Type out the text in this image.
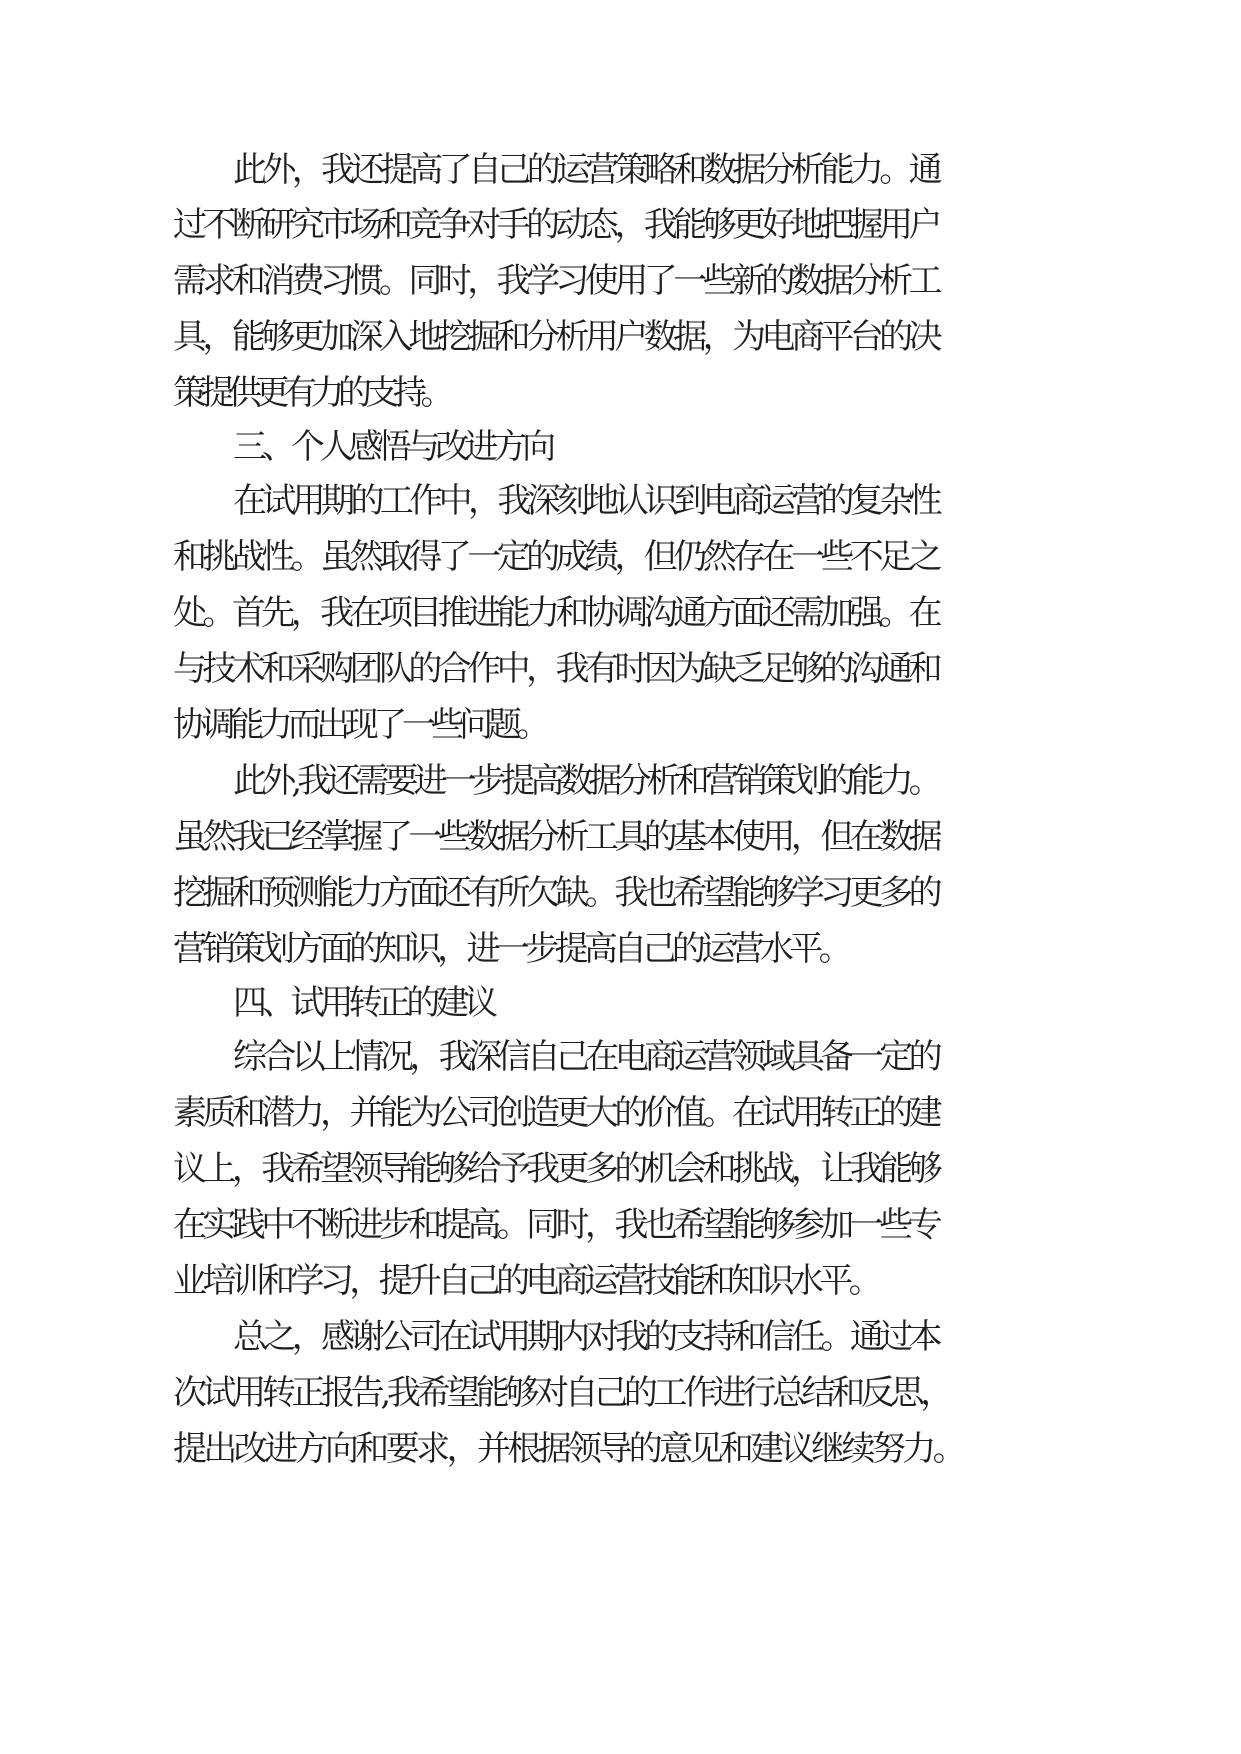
此外，我还提高了自己的运营策略和数据分析能力。通
过不断研究市场和竞争对手的动态，我能够更好地把握用户
需求和消费习惯。同时，我学习使用了一些新的数据分析工
具，能够更加深入地挖掘和分析用户数据，为电商平台的决
策提供更有力的支持。
三、个人感悟与改进方向
在试用期的工作中，我深刻地认识到电商运营的复杂性
和挑战性。虽然取得了一定的成绩，但仍然存在一些不足之
处。首先，我在项目推进能力和协调沟通方面还需加强。在
与技术和采购团队的合作中，我有时因为缺乏足够的沟通和
协调能力而出现了一些问题。
此外,我还需要进一步提高数据分析和营销策划的能力。
虽然我已经掌握了一些数据分析工具的基本使用，但在数据
挖掘和预测能力方面还有所欠缺。我也希望能够学习更多的
营销策划方面的知识，进一步提高自己的运营水平。
四、试用转正的建议
综合以上情况，我深信自己在电商运营领域具备一定的
素质和潜力，并能为公司创造更大的价值。在试用转正的建
议上，我希望领导能够给予我更多的机会和挑战，让我能够
在实践中不断进步和提高。同时，我也希望能够参加一些专
业培训和学习，提升自己的电商运营技能和知识水平。
总之，感谢公司在试用期内对我的支持和信任。通过本
次试用转正报告,我希望能够对自己的工作进行总结和反思，
提出改进方向和要求，并根据领导的意见和建议继续努力。
